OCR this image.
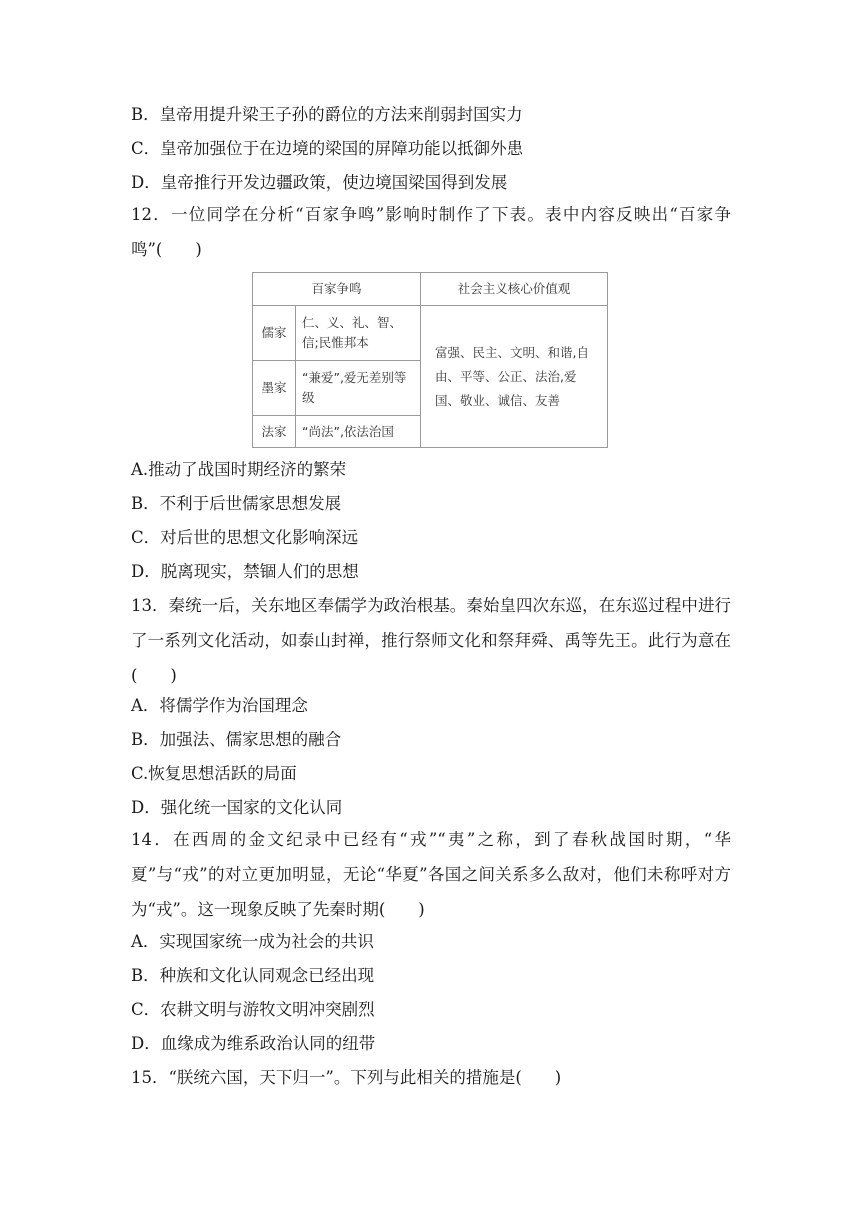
B．皇帝用提升梁王子孙的爵位的方法来削弱封国实力
C．皇帝加强位于在边境的梁国的屏障功能以抵御外患
D．皇帝推行开发边疆政策，使边境国梁国得到发展
12．一位同学在分析“百家争鸣”影响时制作了下表。表中内容反映出“百家争鸣”(　　)
百家争鸣		社会主义核心价值观
儒家	仁、义、礼、智、信;民惟邦本	富强、民主、文明、和谐,自由、平等、公正、法治,爱国、敬业、诚信、友善
墨家	“兼爱”,爱无差别等级	
法家	“尚法”,依法治国	
A.推动了战国时期经济的繁荣
B．不利于后世儒家思想发展
C．对后世的思想文化影响深远
D．脱离现实，禁锢人们的思想
13．秦统一后，关东地区奉儒学为政治根基。秦始皇四次东巡，在东巡过程中进行了一系列文化活动，如泰山封禅，推行祭师文化和祭拜舜、禹等先王。此行为意在(　　)
A．将儒学作为治国理念
B．加强法、儒家思想的融合
C.恢复思想活跃的局面
D．强化统一国家的文化认同
14．在西周的金文纪录中已经有“戎”“夷”之称，到了春秋战国时期，“华夏”与“戎”的对立更加明显，无论“华夏”各国之间关系多么敌对，他们未称呼对方为“戎”。这一现象反映了先秦时期(　　)
A．实现国家统一成为社会的共识
B．种族和文化认同观念已经出现
C．农耕文明与游牧文明冲突剧烈
D．血缘成为维系政治认同的纽带
15．“朕统六国，天下归一”。下列与此相关的措施是(　　)
